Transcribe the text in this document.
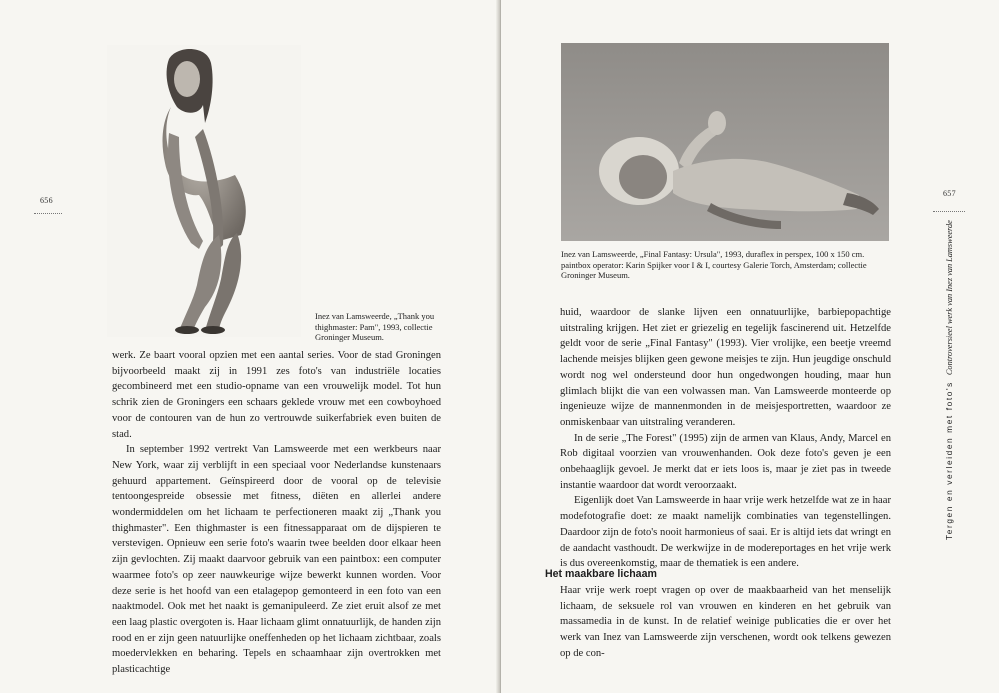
656

Inez van Lamsweerde, „Thank you thighmaster: Pam", 1993, collectie Groninger Museum.

werk. Ze baart vooral opzien met een aantal series. Voor de stad Groningen bijvoorbeeld maakt zij in 1991 zes foto's van industriële locaties gecombineerd met een studio-opname van een vrouwelijk model. Tot hun schrik zien de Groningers een schaars geklede vrouw met een cowboyhoed voor de contouren van de hun zo vertrouwde suikerfabriek even buiten de stad.

In september 1992 vertrekt Van Lamsweerde met een werkbeurs naar New York, waar zij verblijft in een speciaal voor Nederlandse kunstenaars gehuurd appartement. Geïnspireerd door de vooral op de televisie tentoongespreide obsessie met fitness, diëten en allerlei andere wondermiddelen om het lichaam te perfectioneren maakt zij „Thank you thighmaster". Een thighmaster is een fitnessapparaat om de dijspieren te verstevigen. Opnieuw een serie foto's waarin twee beelden door elkaar heen zijn gevlochten. Zij maakt daarvoor gebruik van een paintbox: een computer waarmee foto's op zeer nauwkeurige wijze bewerkt kunnen worden. Voor deze serie is het hoofd van een etalagepop gemonteerd in een foto van een naaktmodel. Ook met het naakt is gemanipuleerd. Ze ziet eruit alsof ze met een laag plastic overgoten is. Haar lichaam glimt onnatuurlijk, de handen zijn rood en er zijn geen natuurlijke oneffenheden op het lichaam zichtbaar, zoals moedervlekken en beharing. Tepels en schaamhaar zijn overtrokken met plasticachtige

Inez van Lamsweerde, „Final Fantasy: Ursula", 1993, duraflex in perspex, 100 x 150 cm. paintbox operator: Karin Spijker voor I & I, courtesy Galerie Torch, Amsterdam; collectie Groninger Museum.

huid, waardoor de slanke lijven een onnatuurlijke, barbiepopachtige uitstraling krijgen. Het ziet er griezelig en tegelijk fascinerend uit. Hetzelfde geldt voor de serie „Final Fantasy" (1993). Vier vrolijke, een beetje vreemd lachende meisjes blijken geen gewone meisjes te zijn. Hun jeugdige onschuld wordt nog wel ondersteund door hun ongedwongen houding, maar hun glimlach blijkt die van een volwassen man. Van Lamsweerde monteerde op ingenieuze wijze de mannenmonden in de meisjesportretten, waardoor ze onmiskenbaar van uitstraling veranderen.

In de serie „The Forest" (1995) zijn de armen van Klaus, Andy, Marcel en Rob digitaal voorzien van vrouwenhanden. Ook deze foto's geven je een onbehaaglijk gevoel. Je merkt dat er iets loos is, maar je ziet pas in tweede instantie waardoor dat wordt veroorzaakt.

Eigenlijk doet Van Lamsweerde in haar vrije werk hetzelfde wat ze in haar modefotografie doet: ze maakt namelijk combinaties van tegenstellingen. Daardoor zijn de foto's nooit harmonieus of saai. Er is altijd iets dat wringt en de aandacht vasthoudt. De werkwijze in de modereportages en het vrije werk is dus overeenkomstig, maar de thematiek is een andere.

Het maakbare lichaam

Haar vrije werk roept vragen op over de maakbaarheid van het menselijk lichaam, de seksuele rol van vrouwen en kinderen en het gebruik van massamedia in de kunst. In de relatief weinige publicaties die er over het werk van Inez van Lamsweerde zijn verschenen, wordt ook telkens gewezen op de con-

657
Tergen en verleiden met foto'sControversieel werk van Inez van Lamsweerde
